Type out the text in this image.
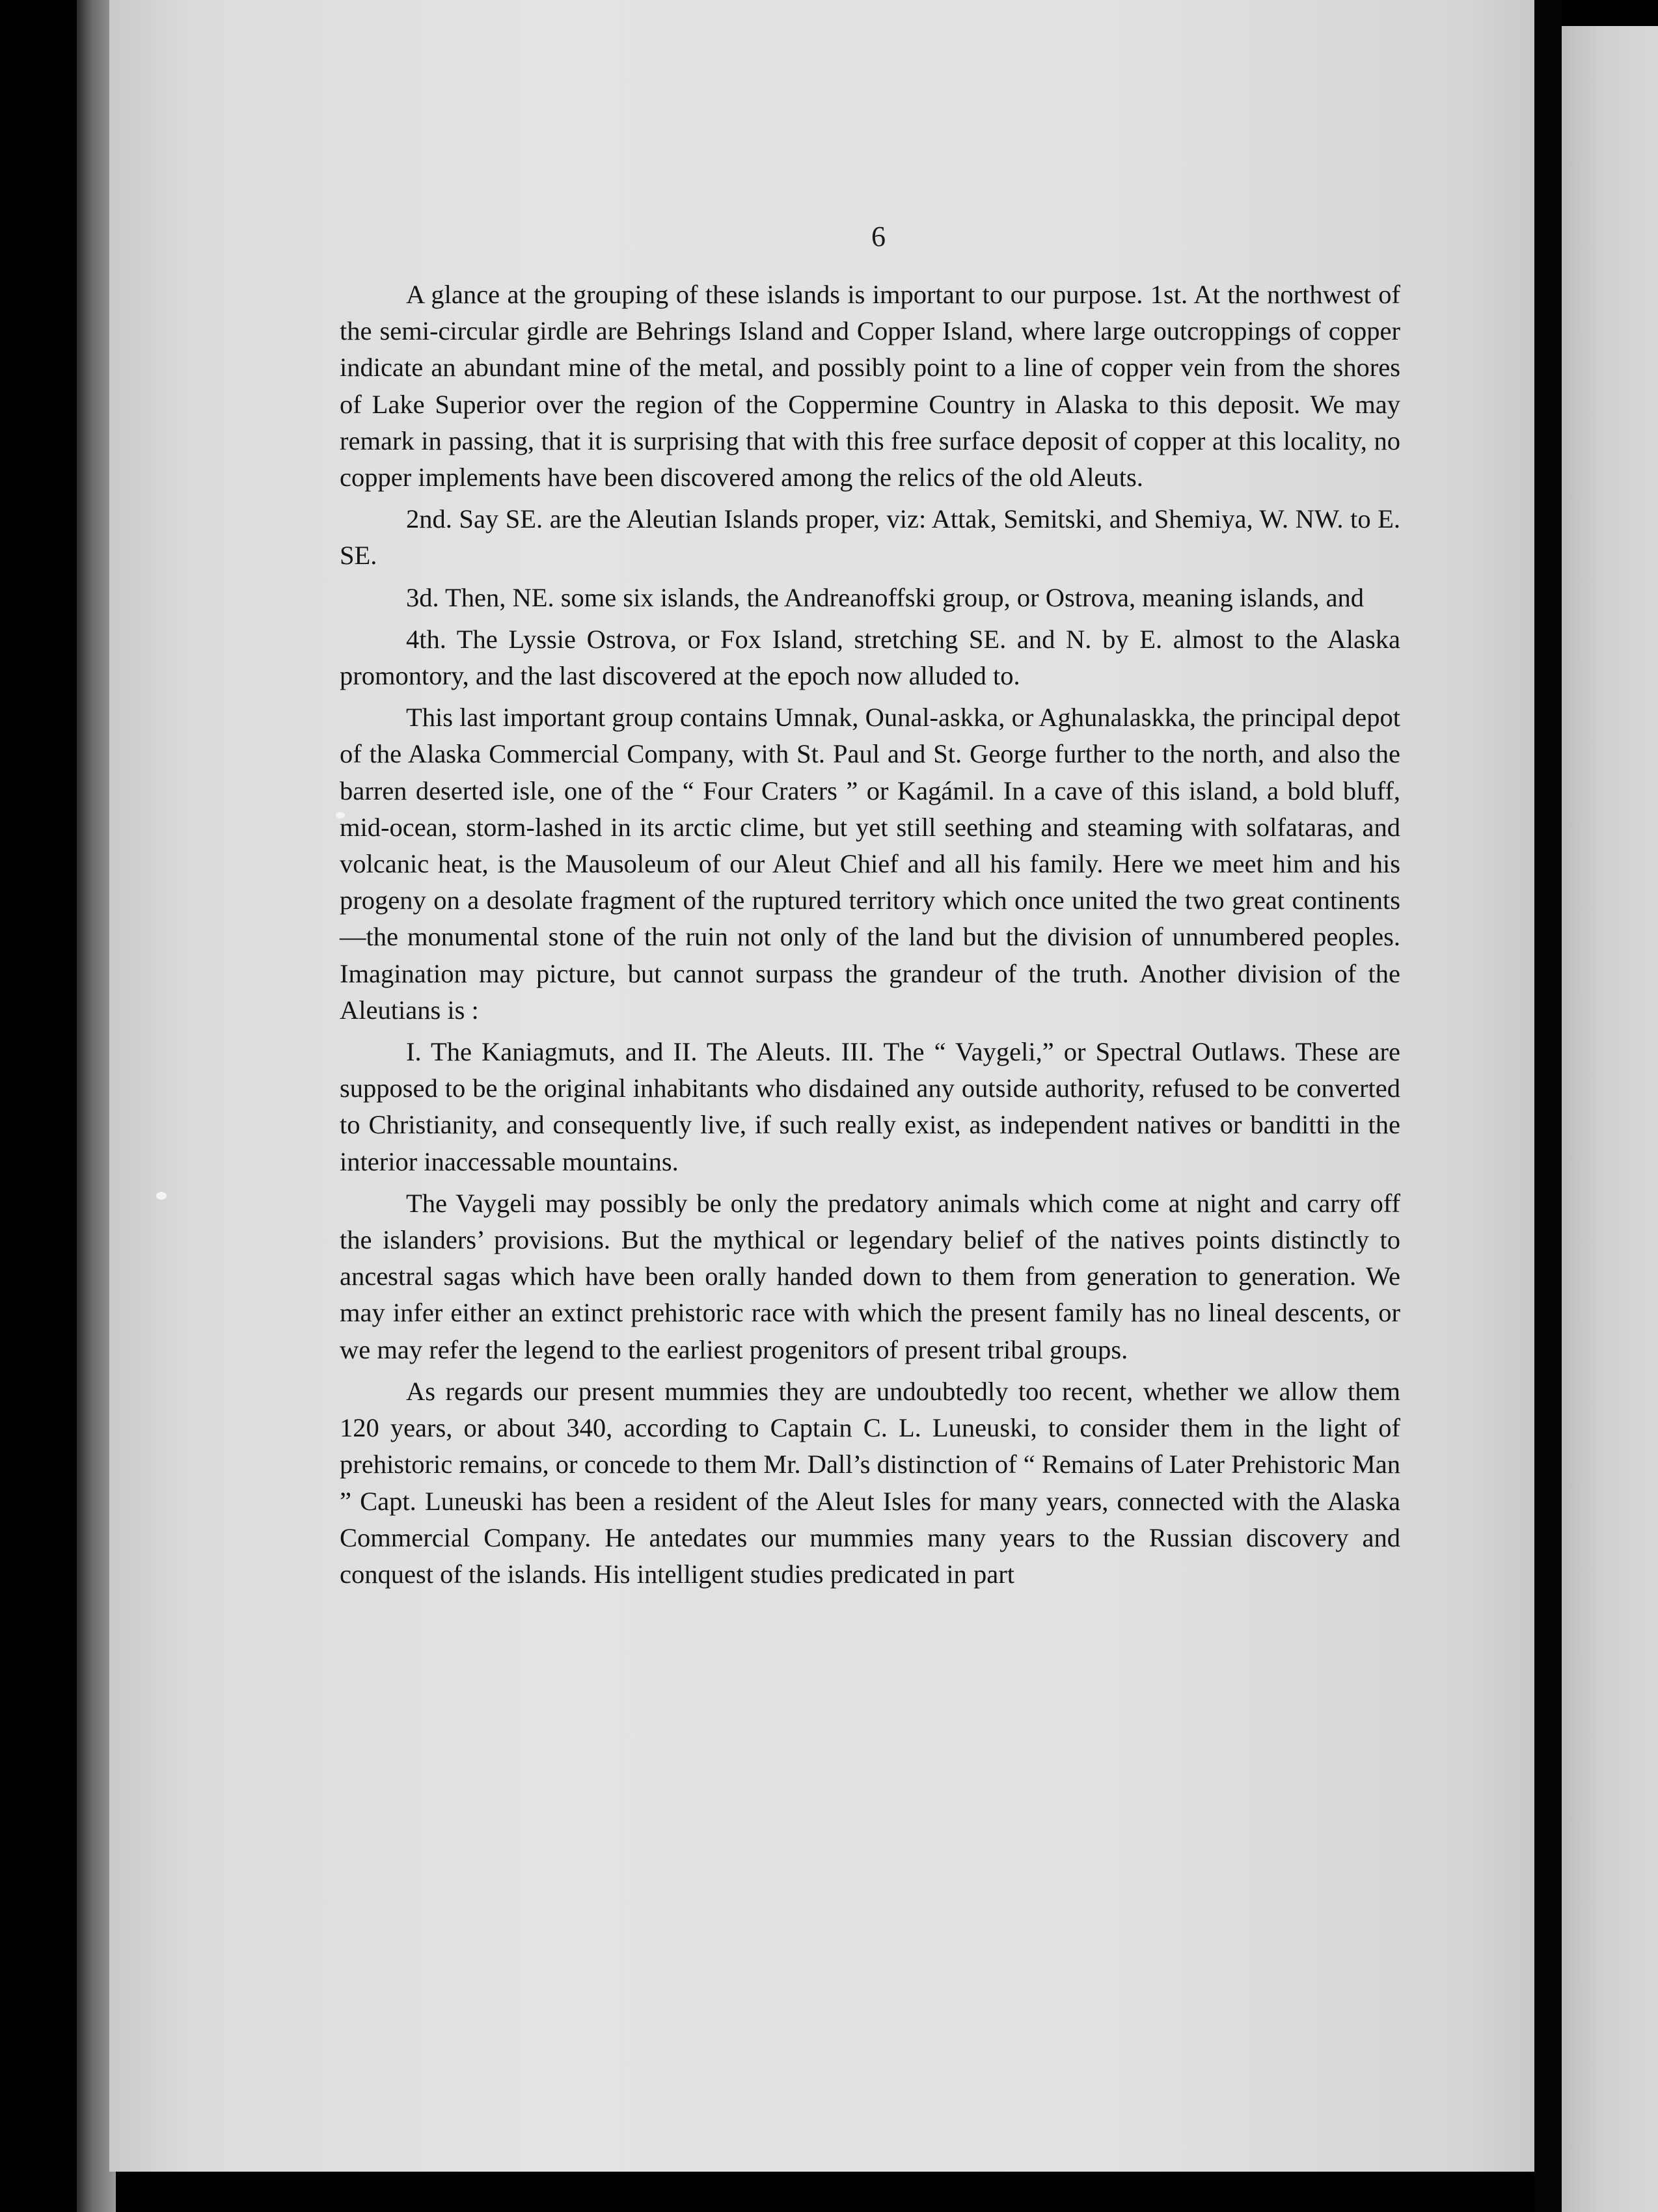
6

A glance at the grouping of these islands is important to our purpose. 1st. At the northwest of the semi-circular girdle are Behrings Island and Copper Island, where large outcroppings of copper indicate an abundant mine of the metal, and possibly point to a line of copper vein from the shores of Lake Superior over the region of the Coppermine Country in Alaska to this deposit. We may remark in passing, that it is surprising that with this free surface deposit of copper at this locality, no copper implements have been discovered among the relics of the old Aleuts.

2nd. Say SE. are the Aleutian Islands proper, viz: Attak, Semitski, and Shemiya, W. NW. to E. SE.

3d. Then, NE. some six islands, the Andreanoffski group, or Ostrova, meaning islands, and

4th. The Lyssie Ostrova, or Fox Island, stretching SE. and N. by E. almost to the Alaska promontory, and the last discovered at the epoch now alluded to.

This last important group contains Umnak, Ounal-askka, or Aghunalaskka, the principal depot of the Alaska Commercial Company, with St. Paul and St. George further to the north, and also the barren deserted isle, one of the “ Four Craters ” or Kagámil. In a cave of this island, a bold bluff, mid-ocean, storm-lashed in its arctic clime, but yet still seething and steaming with solfataras, and volcanic heat, is the Mausoleum of our Aleut Chief and all his family. Here we meet him and his progeny on a desolate fragment of the ruptured territory which once united the two great continents—the monumental stone of the ruin not only of the land but the division of unnumbered peoples. Imagination may picture, but cannot surpass the grandeur of the truth. Another division of the Aleutians is :

I. The Kaniagmuts, and II. The Aleuts. III. The “ Vaygeli,” or Spectral Outlaws. These are supposed to be the original inhabitants who disdained any outside authority, refused to be converted to Christianity, and consequently live, if such really exist, as independent natives or banditti in the interior inaccessable mountains.

The Vaygeli may possibly be only the predatory animals which come at night and carry off the islanders’ provisions. But the mythical or legendary belief of the natives points distinctly to ancestral sagas which have been orally handed down to them from generation to generation. We may infer either an extinct prehistoric race with which the present family has no lineal descents, or we may refer the legend to the earliest progenitors of present tribal groups.

As regards our present mummies they are undoubtedly too recent, whether we allow them 120 years, or about 340, according to Captain C. L. Luneuski, to consider them in the light of prehistoric remains, or concede to them Mr. Dall’s distinction of “ Remains of Later Prehistoric Man ” Capt. Luneuski has been a resident of the Aleut Isles for many years, connected with the Alaska Commercial Company. He antedates our mummies many years to the Russian discovery and conquest of the islands. His intelligent studies predicated in part
